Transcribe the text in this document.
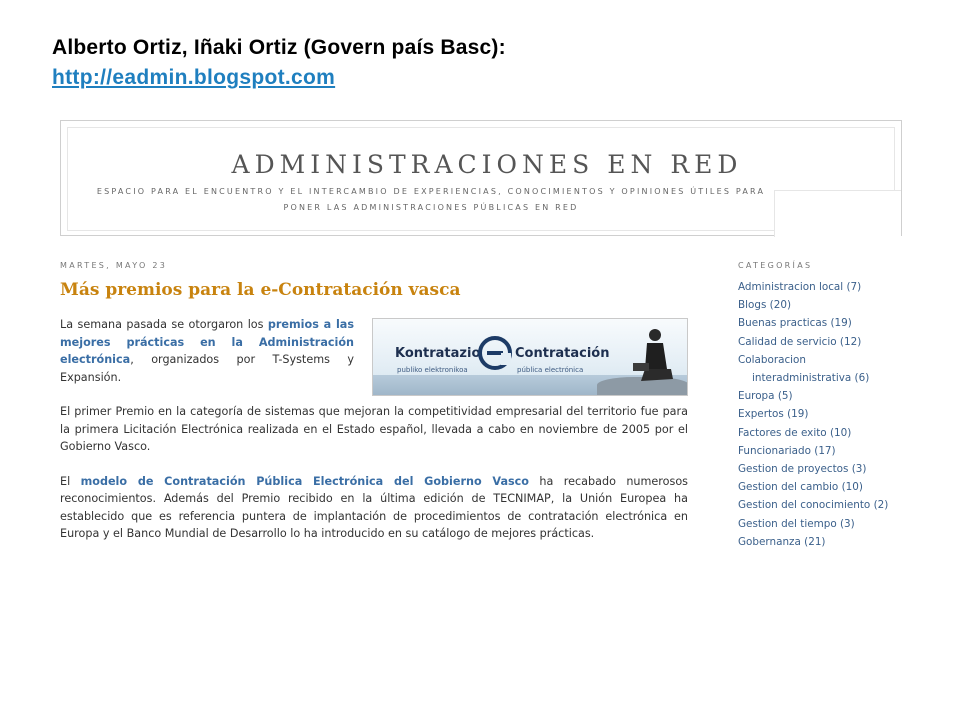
Alberto Ortiz, Iñaki Ortiz (Govern país Basc):
http://eadmin.blogspot.com
ADMINISTRACIONES EN RED
ESPACIO PARA EL ENCUENTRO Y EL INTERCAMBIO DE EXPERIENCIAS, CONOCIMIENTOS Y OPINIONES ÚTILES PARA PONER LAS ADMINISTRACIONES PÚBLICAS EN RED
MARTES, MAYO 23
Más premios para la e-Contratación vasca
Kontratazio
publiko elektronikoa
Contratación
pública electrónica

La semana pasada se otorgaron los premios a las mejores prácticas en la Administración electrónica, organizados por T-Systems y Expansión.

El primer Premio en la categoría de sistemas que mejoran la competitividad empresarial del territorio fue para la primera Licitación Electrónica realizada en el Estado español, llevada a cabo en noviembre de 2005 por el Gobierno Vasco.

El modelo de Contratación Pública Electrónica del Gobierno Vasco ha recabado numerosos reconocimientos. Además del Premio recibido en la última edición de TECNIMAP, la Unión Europea ha establecido que es referencia puntera de implantación de procedimientos de contratación electrónica en Europa y el Banco Mundial de Desarrollo lo ha introducido en su catálogo de mejores prácticas.

CATEGORÍAS
Administracion local (7)
Blogs (20)
Buenas practicas (19)
Calidad de servicio (12)
Colaboracion interadministrativa (6)
Europa (5)
Expertos (19)
Factores de exito (10)
Funcionariado (17)
Gestion de proyectos (3)
Gestion del cambio (10)
Gestion del conocimiento (2)
Gestion del tiempo (3)
Gobernanza (21)
